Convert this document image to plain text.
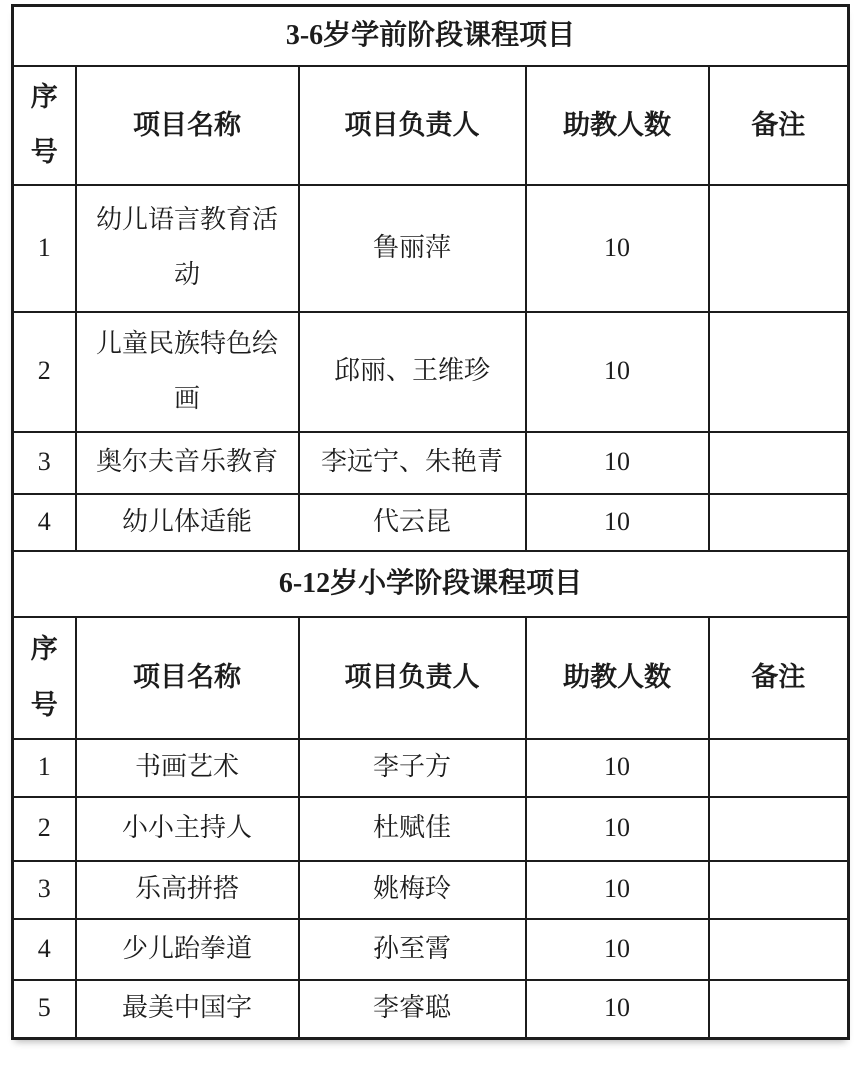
3-6岁学前阶段课程项目				
序号	项目名称	项目负责人	助教人数	备注
1	幼儿语言教育活动	鲁丽萍	10	
2	儿童民族特色绘画	邱丽、王维珍	10	
3	奥尔夫音乐教育	李远宁、朱艳青	10	
4	幼儿体适能	代云昆	10	
6-12岁小学阶段课程项目				
序号	项目名称	项目负责人	助教人数	备注
1	书画艺术	李子方	10	
2	小小主持人	杜赋佳	10	
3	乐高拼搭	姚梅玲	10	
4	少儿跆拳道	孙至霄	10	
5	最美中国字	李睿聪	10	
